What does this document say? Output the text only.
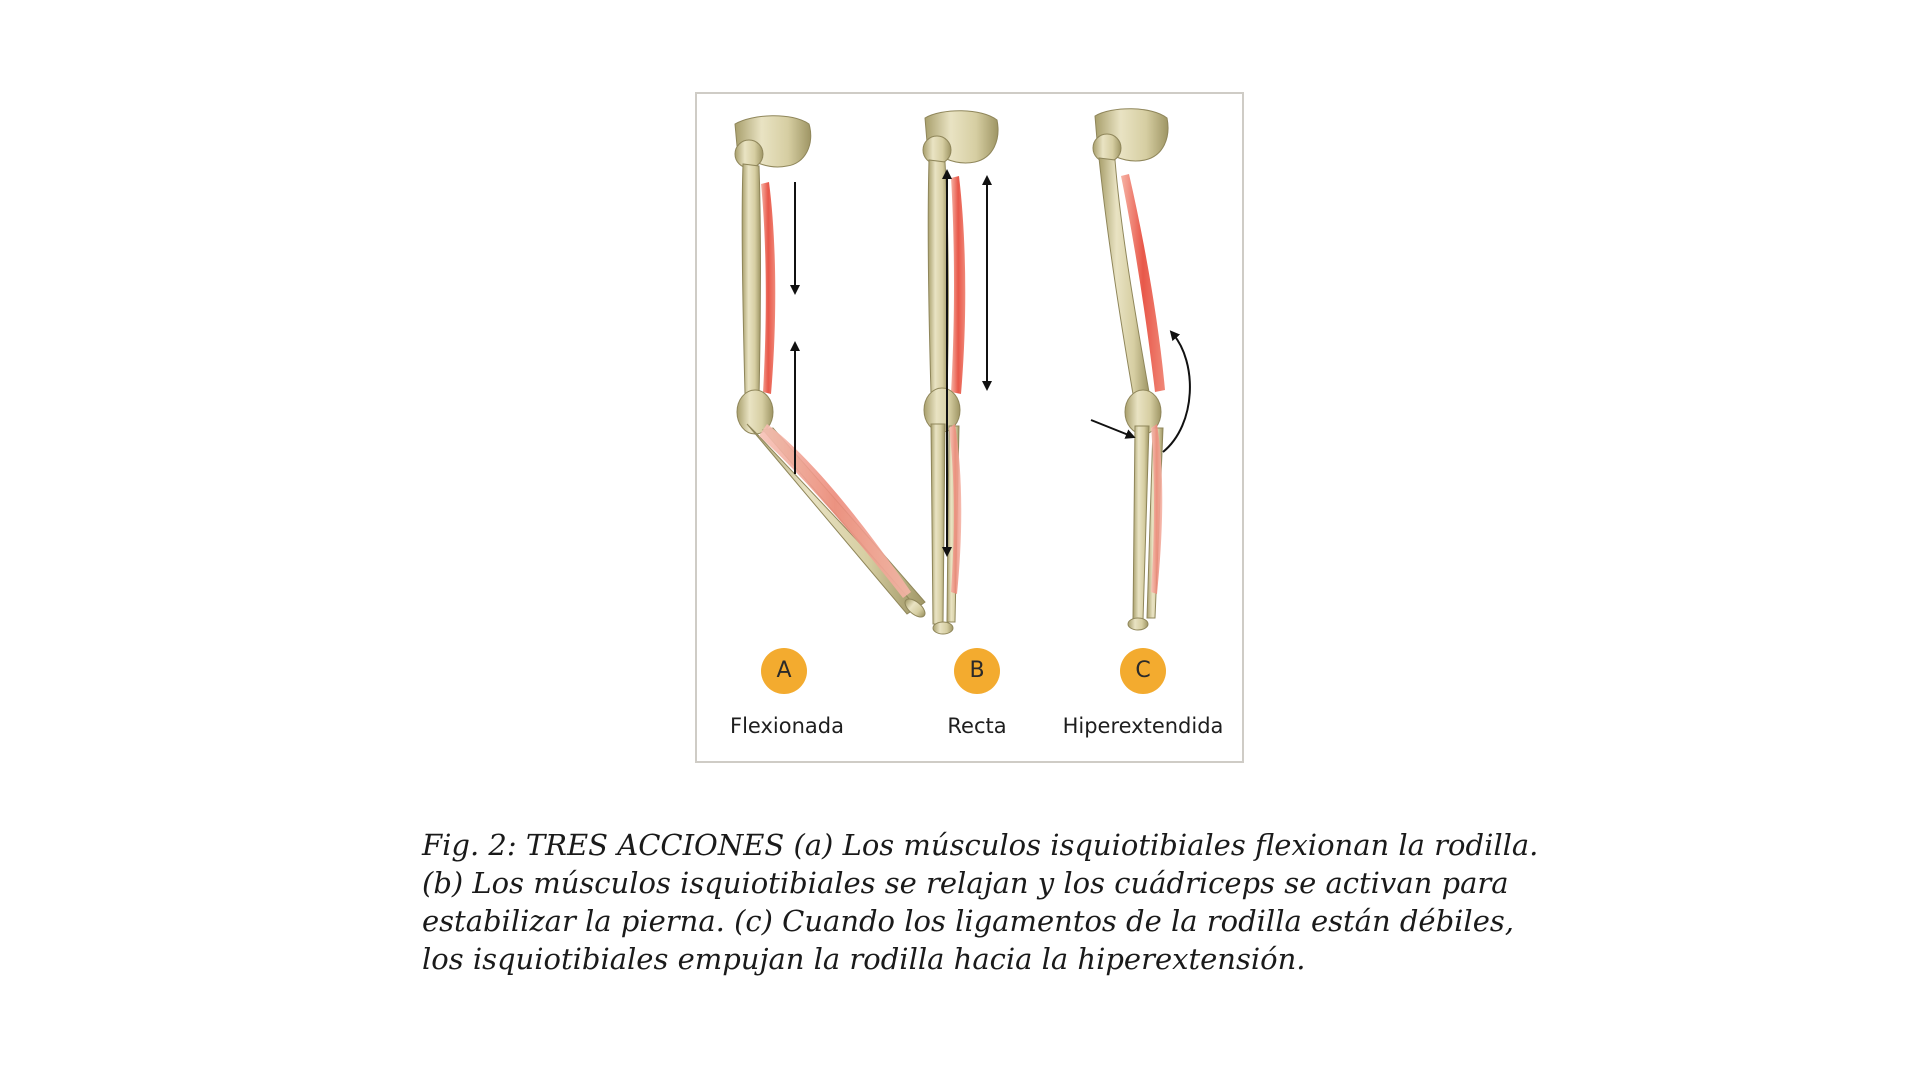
A	B	C
Flexionada	Recta	Hiperextendida

Fig. 2: TRES ACCIONES (a) Los músculos isquiotibiales flexionan la rodilla. (b) Los músculos isquiotibiales se relajan y los cuádriceps se activan para estabilizar la pierna. (c) Cuando los ligamentos de la rodilla están débiles, los isquiotibiales empujan la rodilla hacia la hiperextensión.
